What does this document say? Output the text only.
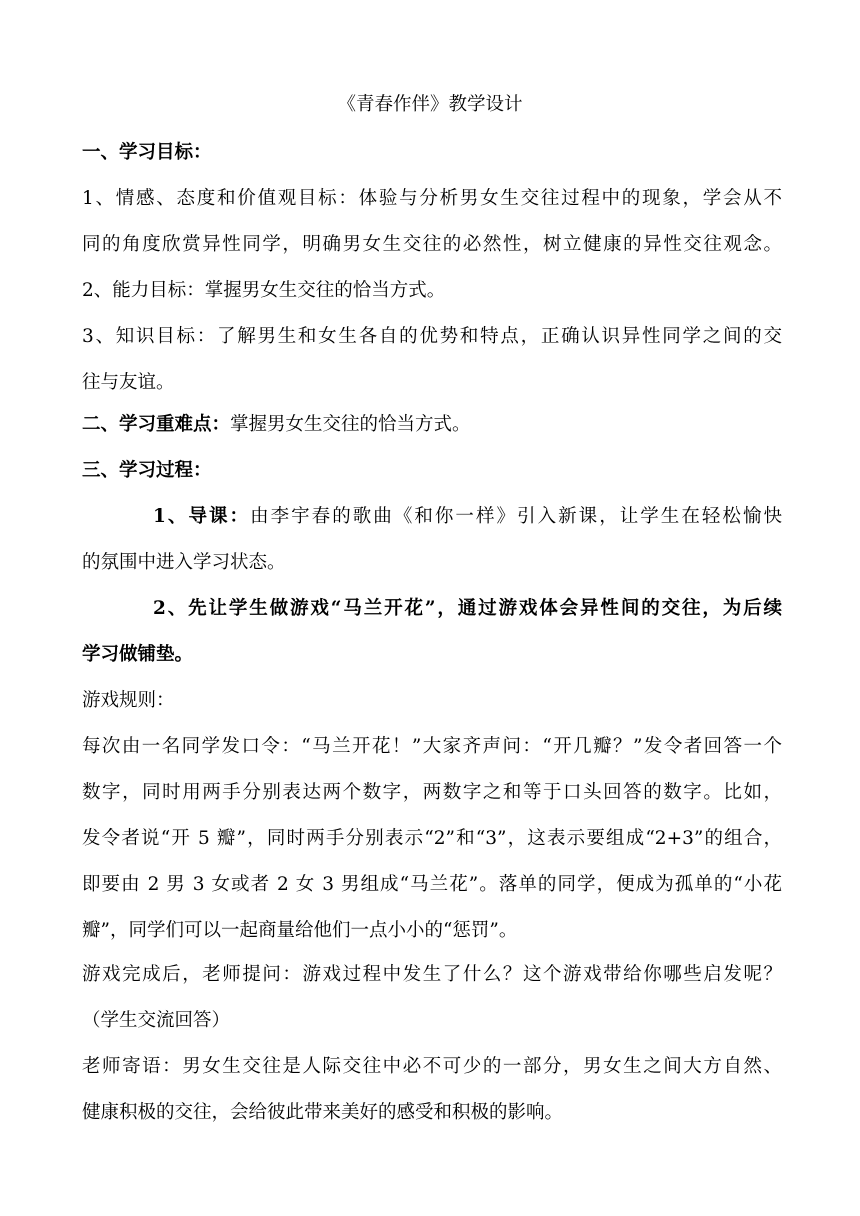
《青春作伴》教学设计
一、学习目标：
1、情感、态度和价值观目标：体验与分析男女生交往过程中的现象，学会从不
同的角度欣赏异性同学，明确男女生交往的必然性，树立健康的异性交往观念。
2、能力目标：掌握男女生交往的恰当方式。
3、知识目标：了解男生和女生各自的优势和特点，正确认识异性同学之间的交
往与友谊。
二、学习重难点：掌握男女生交往的恰当方式。
三、学习过程：
1、导课：由李宇春的歌曲《和你一样》引入新课，让学生在轻松愉快
的氛围中进入学习状态。
2、先让学生做游戏“马兰开花”，通过游戏体会异性间的交往，为后续
学习做铺垫。
游戏规则：
每次由一名同学发口令：“马兰开花！”大家齐声问：“开几瓣？”发令者回答一个
数字，同时用两手分别表达两个数字，两数字之和等于口头回答的数字。比如，
发令者说“开 5 瓣”，同时两手分别表示“2”和“3”，这表示要组成“2+3”的组合，
即要由 2 男 3 女或者 2 女 3 男组成“马兰花”。落单的同学，便成为孤单的“小花
瓣”，同学们可以一起商量给他们一点小小的“惩罚”。
游戏完成后，老师提问：游戏过程中发生了什么？这个游戏带给你哪些启发呢？
（学生交流回答）
老师寄语：男女生交往是人际交往中必不可少的一部分，男女生之间大方自然、
健康积极的交往，会给彼此带来美好的感受和积极的影响。
